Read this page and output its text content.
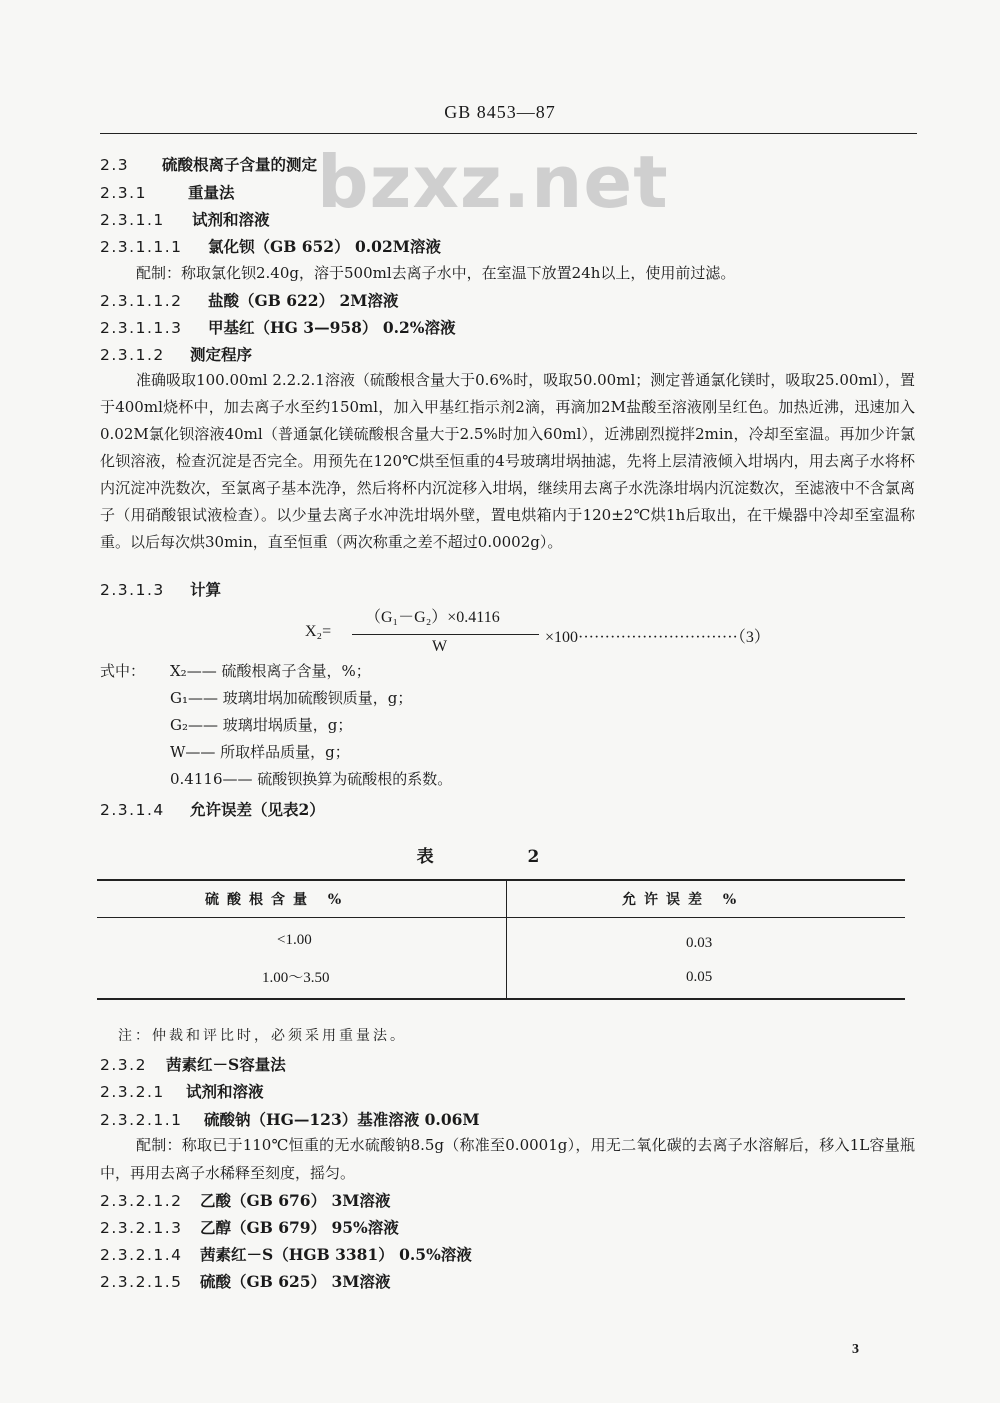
GB 8453—87
bzxz.net
2.3 硫酸根离子含量的测定
2.3.1	重量法
2.3.1.1 试剂和溶液
2.3.1.1.1 氯化钡（GB 652） 0.02M溶液
配制：称取氯化钡2.40g，溶于500ml去离子水中，在室温下放置24h以上，使用前过滤。
2.3.1.1.2 盐酸（GB 622） 2M溶液
2.3.1.1.3 甲基红（HG 3—958） 0.2%溶液
2.3.1.2 测定程序
准确吸取100.00ml 2.2.2.1溶液（硫酸根含量大于0.6%时，吸取50.00ml；测定普通氯化镁时，吸取25.00ml），置于400ml烧杯中，加去离子水至约150ml，加入甲基红指示剂2滴，再滴加2M盐酸至溶液刚呈红色。加热近沸，迅速加入0.02M氯化钡溶液40ml（普通氯化镁硫酸根含量大于2.5%时加入60ml），近沸剧烈搅拌2min，冷却至室温。再加少许氯化钡溶液，检查沉淀是否完全。用预先在120℃烘至恒重的4号玻璃坩埚抽滤，先将上层清液倾入坩埚内，用去离子水将杯内沉淀冲洗数次，至氯离子基本洗净，然后将杯内沉淀移入坩埚，继续用去离子水洗涤坩埚内沉淀数次，至滤液中不含氯离子（用硝酸银试液检查）。以少量去离子水冲洗坩埚外壁，置电烘箱内于120±2℃烘1h后取出，在干燥器中冷却至室温称重。以后每次烘30min，直至恒重（两次称重之差不超过0.0002g）。
2.3.1.3 计算
X₂=
（G₁－G₂）×0.4116
W
×100······························（3）
式中： X₂—— 硫酸根离子含量，%；
G₁—— 玻璃坩埚加硫酸钡质量，g；
G₂—— 玻璃坩埚质量，g；
W—— 所取样品质量，g；
0.4116—— 硫酸钡换算为硫酸根的系数。
2.3.1.4 允许误差（见表2）
表 2
硫酸根含量 %	允许误差 %
<1.00	0.03
1.00～3.50	0.05
注：仲裁和评比时，必须采用重量法。
2.3.2 茜素红－S容量法
2.3.2.1 试剂和溶液
2.3.2.1.1 硫酸钠（HG—123）基准溶液 0.06M
配制：称取已于110℃恒重的无水硫酸钠8.5g（称准至0.0001g），用无二氧化碳的去离子水溶解后，移入1L容量瓶中，再用去离子水稀释至刻度，摇匀。
2.3.2.1.2 乙酸（GB 676） 3M溶液
2.3.2.1.3 乙醇（GB 679） 95%溶液
2.3.2.1.4 茜素红－S（HGB 3381） 0.5%溶液
2.3.2.1.5 硫酸（GB 625） 3M溶液
3
